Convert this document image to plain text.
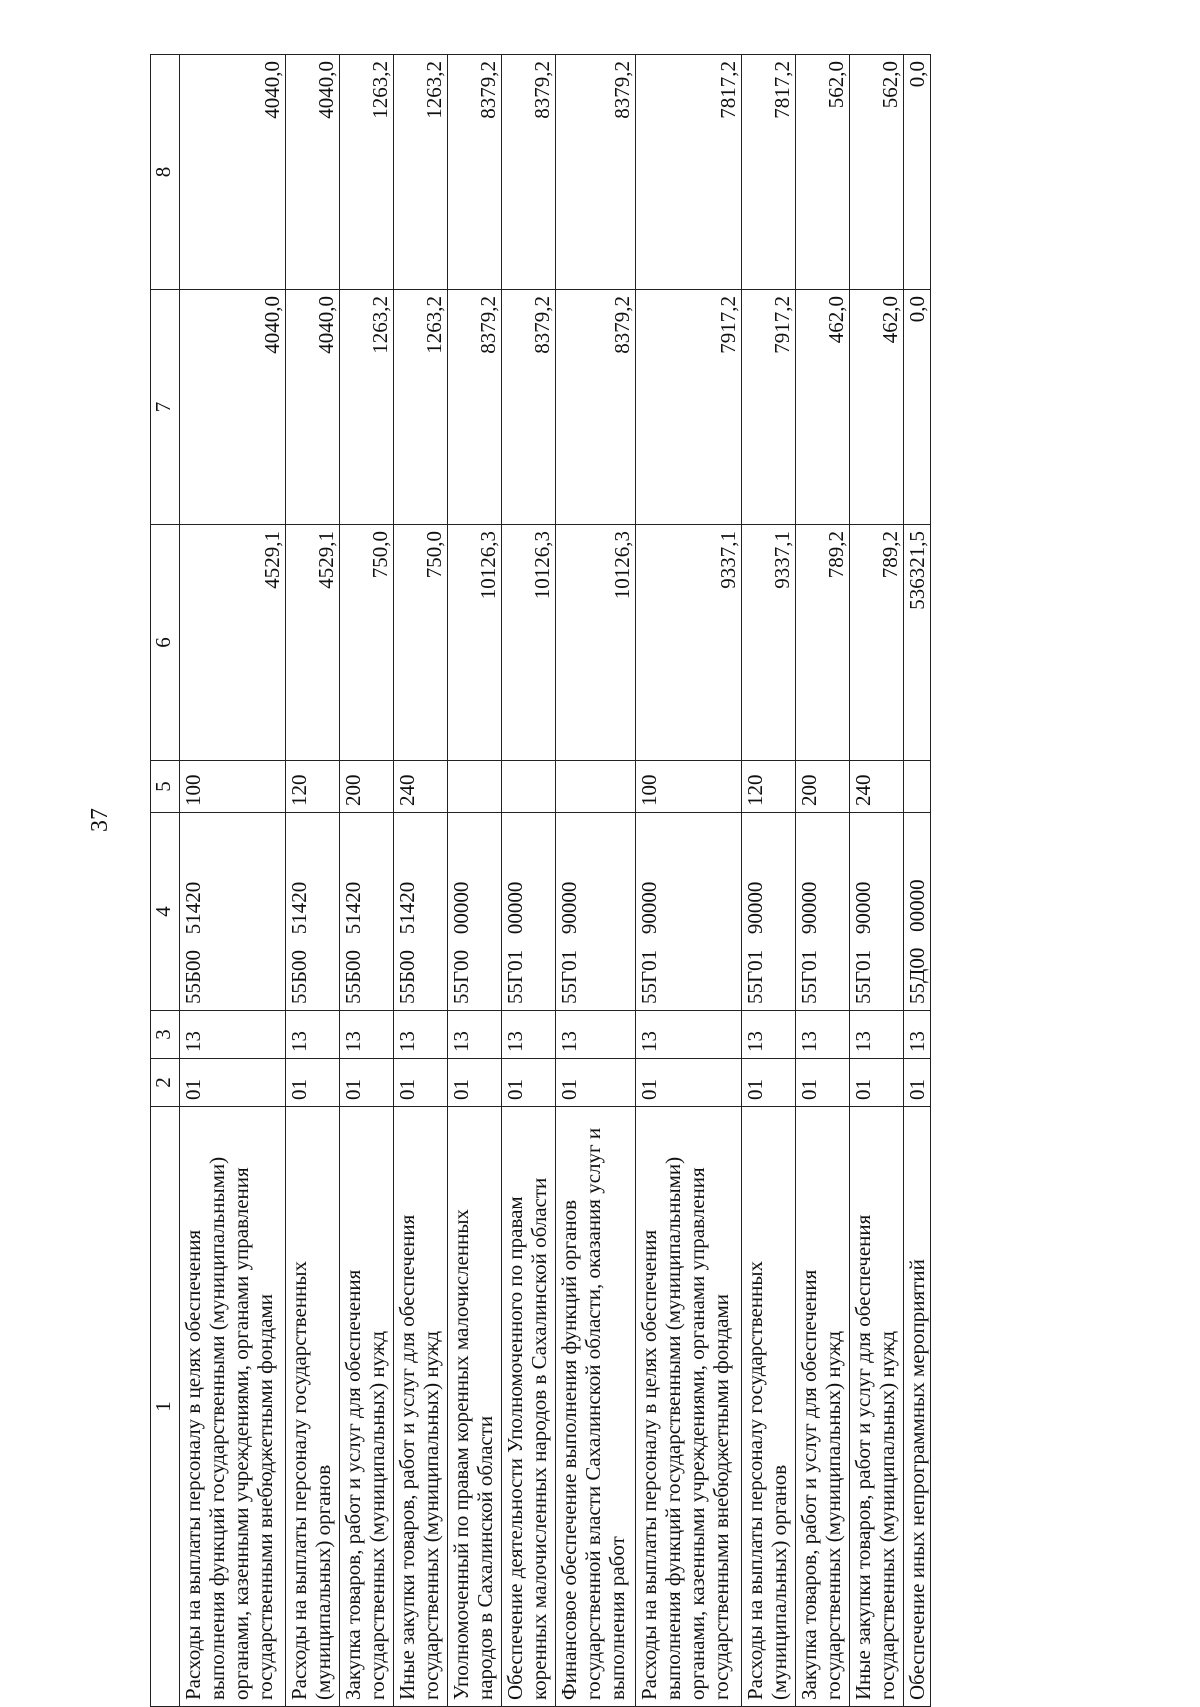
37
1	2	3	4	5	6	7	8
Расходы на выплаты персоналу в целях обеспечения
выполнения функций государственными (муниципальными)
органами, казенными учреждениями, органами управления
государственными внебюджетными фондами	01	13	55Б00   51420	100	4529,1	4040,0	4040,0
Расходы на выплаты персоналу государственных
(муниципальных) органов	01	13	55Б00   51420	120	4529,1	4040,0	4040,0
Закупка товаров, работ и услуг для обеспечения
государственных (муниципальных) нужд	01	13	55Б00   51420	200	750,0	1263,2	1263,2
Иные закупки товаров, работ и услуг для обеспечения
государственных (муниципальных) нужд	01	13	55Б00   51420	240	750,0	1263,2	1263,2
Уполномоченный по правам коренных малочисленных
народов в Сахалинской области	01	13	55Г00   00000		10126,3	8379,2	8379,2
Обеспечение деятельности Уполномоченного по правам
коренных малочисленных народов в Сахалинской области	01	13	55Г01   00000		10126,3	8379,2	8379,2
Финансовое обеспечение выполнения функций органов
государственной власти Сахалинской области, оказания услуг и
выполнения работ	01	13	55Г01   90000		10126,3	8379,2	8379,2
Расходы на выплаты персоналу в целях обеспечения
выполнения функций государственными (муниципальными)
органами, казенными учреждениями, органами управления
государственными внебюджетными фондами	01	13	55Г01   90000	100	9337,1	7917,2	7817,2
Расходы на выплаты персоналу государственных
(муниципальных) органов	01	13	55Г01   90000	120	9337,1	7917,2	7817,2
Закупка товаров, работ и услуг для обеспечения
государственных (муниципальных) нужд	01	13	55Г01   90000	200	789,2	462,0	562,0
Иные закупки товаров, работ и услуг для обеспечения
государственных (муниципальных) нужд	01	13	55Г01   90000	240	789,2	462,0	562,0
Обеспечение иных непрограммных мероприятий	01	13	55Д00   00000		536321,5	0,0	0,0
